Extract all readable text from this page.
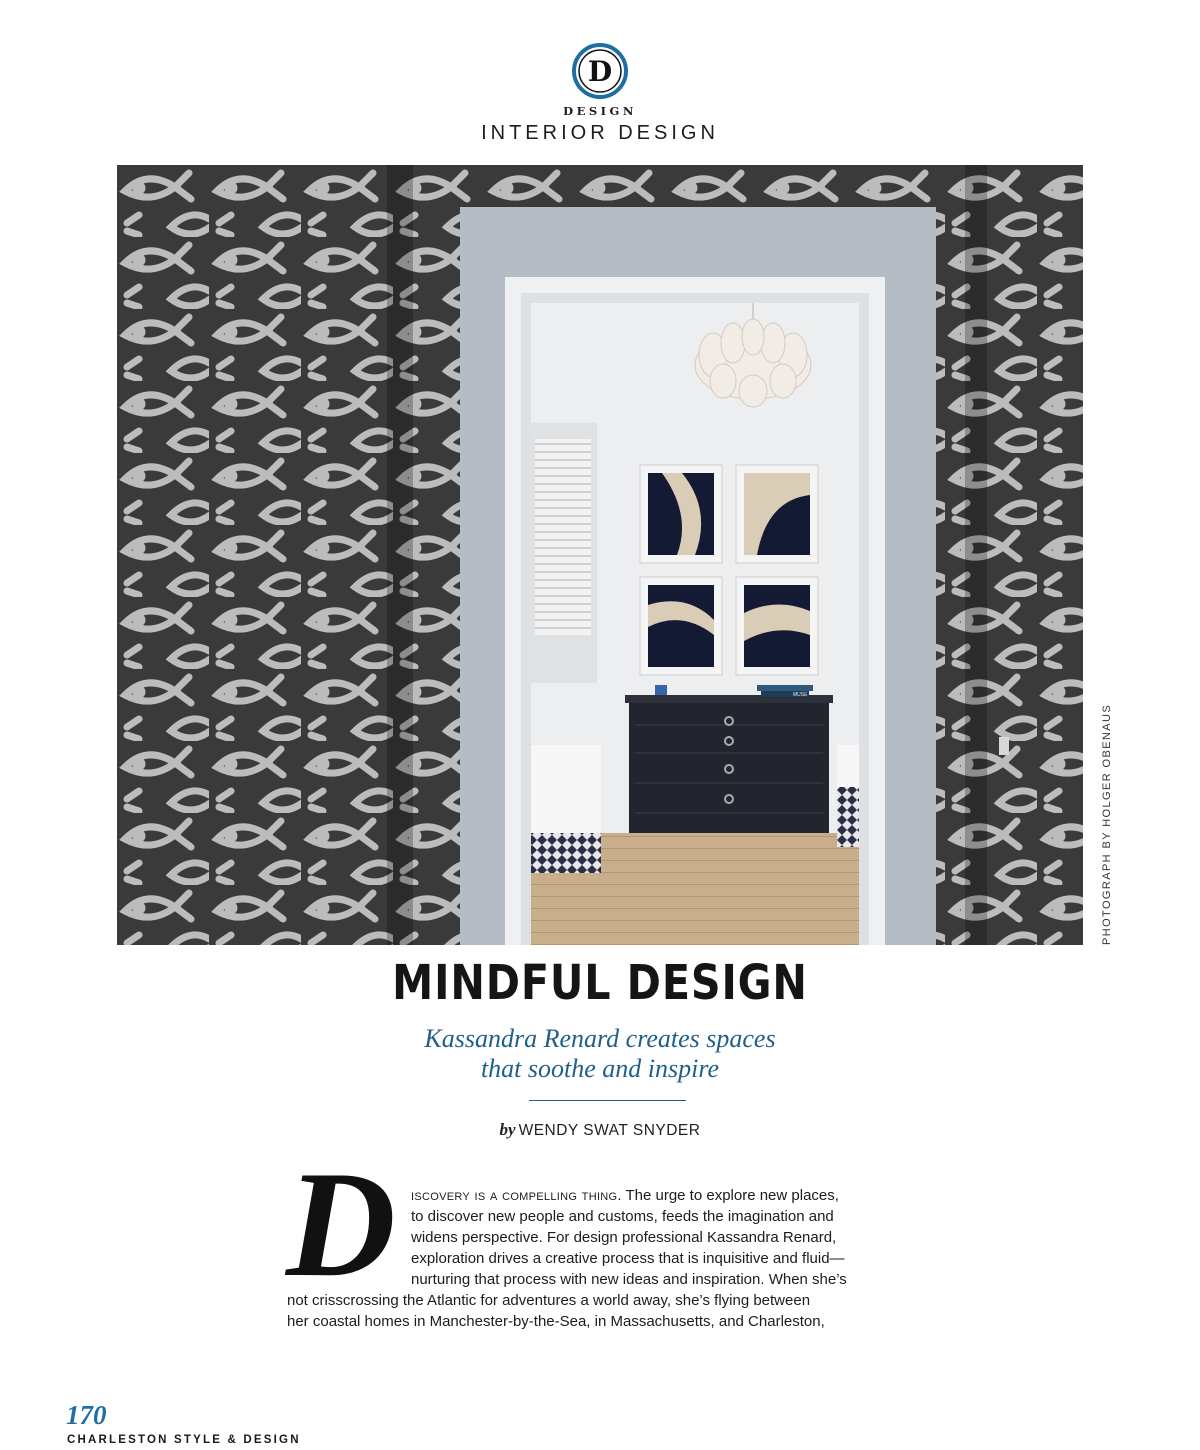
D
DESIGN
INTERIOR DESIGN
MUSE
PHOTOGRAPH BY HOLGER OBENAUS
MINDFUL DESIGN
Kassandra Renard creates spaces
that soothe and inspire
by WENDY SWAT SNYDER
D iscovery is a compelling thing. The urge to explore new places,
to discover new people and customs, feeds the imagination and
widens perspective. For design professional Kassandra Renard,
exploration drives a creative process that is inquisitive and fluid—
nurturing that process with new ideas and inspiration. When she’s
not crisscrossing the Atlantic for adventures a world away, she’s flying between
her coastal homes in Manchester-by-the-Sea, in Massachusetts, and Charleston,
170
CHARLESTON STYLE & DESIGN
